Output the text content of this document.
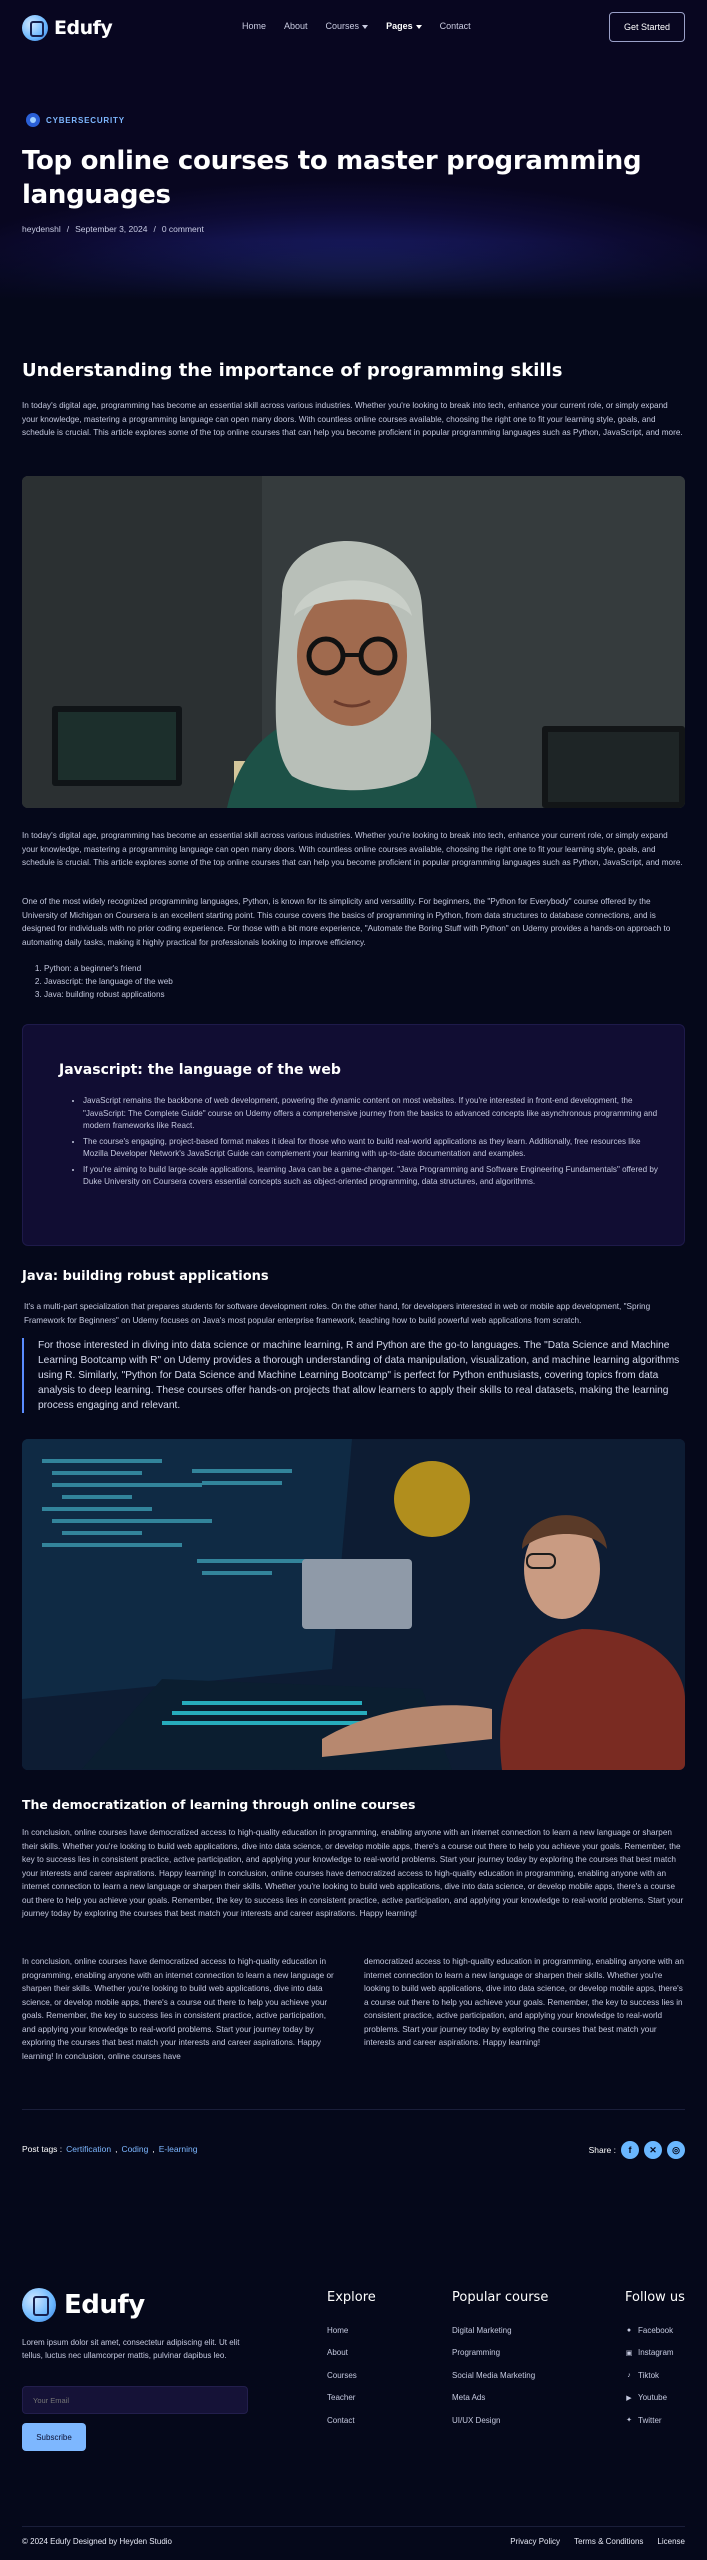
Edufy	Home About Courses	Pages	Contact	Get Started
CYBERSECURITY
Top online courses to master programming languages
heydenshl / September 3, 2024 / 0 comment
Understanding the importance of programming skills

In today's digital age, programming has become an essential skill across various industries. Whether you're looking to break into tech, enhance your current role, or simply expand your knowledge, mastering a programming language can open many doors. With countless online courses available, choosing the right one to fit your learning style, goals, and schedule is crucial. This article explores some of the top online courses that can help you become proficient in popular programming languages such as Python, JavaScript, and more.

In today's digital age, programming has become an essential skill across various industries. Whether you're looking to break into tech, enhance your current role, or simply expand your knowledge, mastering a programming language can open many doors. With countless online courses available, choosing the right one to fit your learning style, goals, and schedule is crucial. This article explores some of the top online courses that can help you become proficient in popular programming languages such as Python, JavaScript, and more.

One of the most widely recognized programming languages, Python, is known for its simplicity and versatility. For beginners, the "Python for Everybody" course offered by the University of Michigan on Coursera is an excellent starting point. This course covers the basics of programming in Python, from data structures to database connections, and is designed for individuals with no prior coding experience. For those with a bit more experience, "Automate the Boring Stuff with Python" on Udemy provides a hands-on approach to automating daily tasks, making it highly practical for professionals looking to improve efficiency.

1. Python: a beginner's friend
2. Javascript: the language of the web
3. Java: building robust applications
Javascript: the language of the web
• JavaScript remains the backbone of web development, powering the dynamic content on most websites. If you're interested in front-end development, the "JavaScript: The Complete Guide" course on Udemy offers a comprehensive journey from the basics to advanced concepts like asynchronous programming and modern frameworks like React.
• The course's engaging, project-based format makes it ideal for those who want to build real-world applications as they learn. Additionally, free resources like Mozilla Developer Network's JavaScript Guide can complement your learning with up-to-date documentation and examples.
• If you're aiming to build large-scale applications, learning Java can be a game-changer. "Java Programming and Software Engineering Fundamentals" offered by Duke University on Coursera covers essential concepts such as object-oriented programming, data structures, and algorithms.
Java: building robust applications

It's a multi-part specialization that prepares students for software development roles. On the other hand, for developers interested in web or mobile app development, "Spring Framework for Beginners" on Udemy focuses on Java's most popular enterprise framework, teaching how to build powerful web applications from scratch.

For those interested in diving into data science or machine learning, R and Python are the go-to languages. The "Data Science and Machine Learning Bootcamp with R" on Udemy provides a thorough understanding of data manipulation, visualization, and machine learning algorithms using R. Similarly, "Python for Data Science and Machine Learning Bootcamp" is perfect for Python enthusiasts, covering topics from data analysis to deep learning. These courses offer hands-on projects that allow learners to apply their skills to real datasets, making the learning process engaging and relevant.
The democratization of learning through online courses

In conclusion, online courses have democratized access to high-quality education in programming, enabling anyone with an internet connection to learn a new language or sharpen their skills. Whether you're looking to build web applications, dive into data science, or develop mobile apps, there's a course out there to help you achieve your goals. Remember, the key to success lies in consistent practice, active participation, and applying your knowledge to real-world problems. Start your journey today by exploring the courses that best match your interests and career aspirations. Happy learning! In conclusion, online courses have democratized access to high-quality education in programming, enabling anyone with an internet connection to learn a new language or sharpen their skills. Whether you're looking to build web applications, dive into data science, or develop mobile apps, there's a course out there to help you achieve your goals. Remember, the key to success lies in consistent practice, active participation, and applying your knowledge to real-world problems. Start your journey today by exploring the courses that best match your interests and career aspirations. Happy learning!

In conclusion, online courses have democratized access to high-quality education in programming, enabling anyone with an internet connection to learn a new language or sharpen their skills. Whether you're looking to build web applications, dive into data science, or develop mobile apps, there's a course out there to help you achieve your goals. Remember, the key to success lies in consistent practice, active participation, and applying your knowledge to real-world problems. Start your journey today by exploring the courses that best match your interests and career aspirations. Happy learning! In conclusion, online courses have

democratized access to high-quality education in programming, enabling anyone with an internet connection to learn a new language or sharpen their skills. Whether you're looking to build web applications, dive into data science, or develop mobile apps, there's a course out there to help you achieve your goals. Remember, the key to success lies in consistent practice, active participation, and applying your knowledge to real-world problems. Start your journey today by exploring the courses that best match your interests and career aspirations. Happy learning!

Post tags : Certification , Coding , E-learning	Share :	f	✕	◎
Edufy

Lorem ipsum dolor sit amet, consectetur adipiscing elit. Ut elit tellus, luctus nec ullamcorper mattis, pulvinar dapibus leo.

Your Email
Subscribe
Explore
Home
About
Courses
Teacher
Contact
Popular course
Digital Marketing
Programming
Social Media Marketing
Meta Ads
UI/UX Design
Follow us
● Facebook
▣ Instagram
♪ Tiktok
▶ Youtube
✦ Twitter
© 2024 Edufy Designed by Heyden Studio	Privacy Policy Terms & Conditions License
